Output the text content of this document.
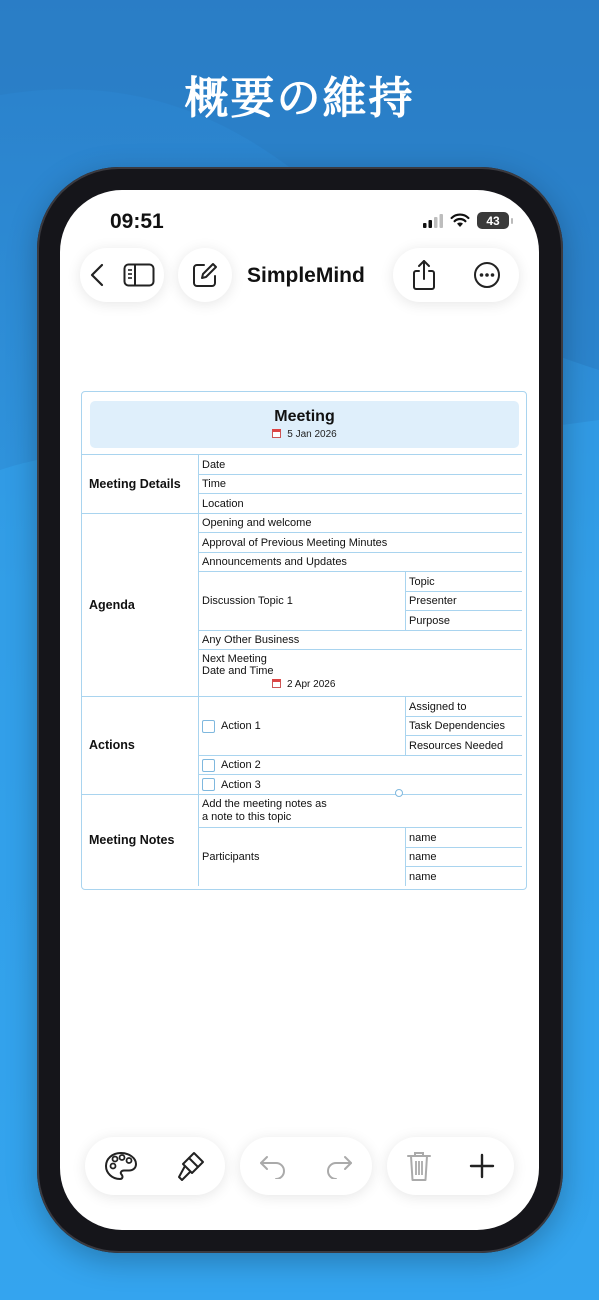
概要の維持
09:51	43
SimpleMind
Meeting
5 Jan 2026
Meeting Details
Agenda
Actions
Meeting Notes
Date
Time
Location
Opening and welcome
Approval of Previous Meeting Minutes
Announcements and Updates
Discussion Topic 1
Topic
Presenter
Purpose
Any Other Business
Next Meeting
Date and Time
2 Apr 2026
Action 1
Assigned to
Task Dependencies
Resources Needed
Action 2
Action 3
Add the meeting notes as
a note to this topic
Participants
name
name
name
